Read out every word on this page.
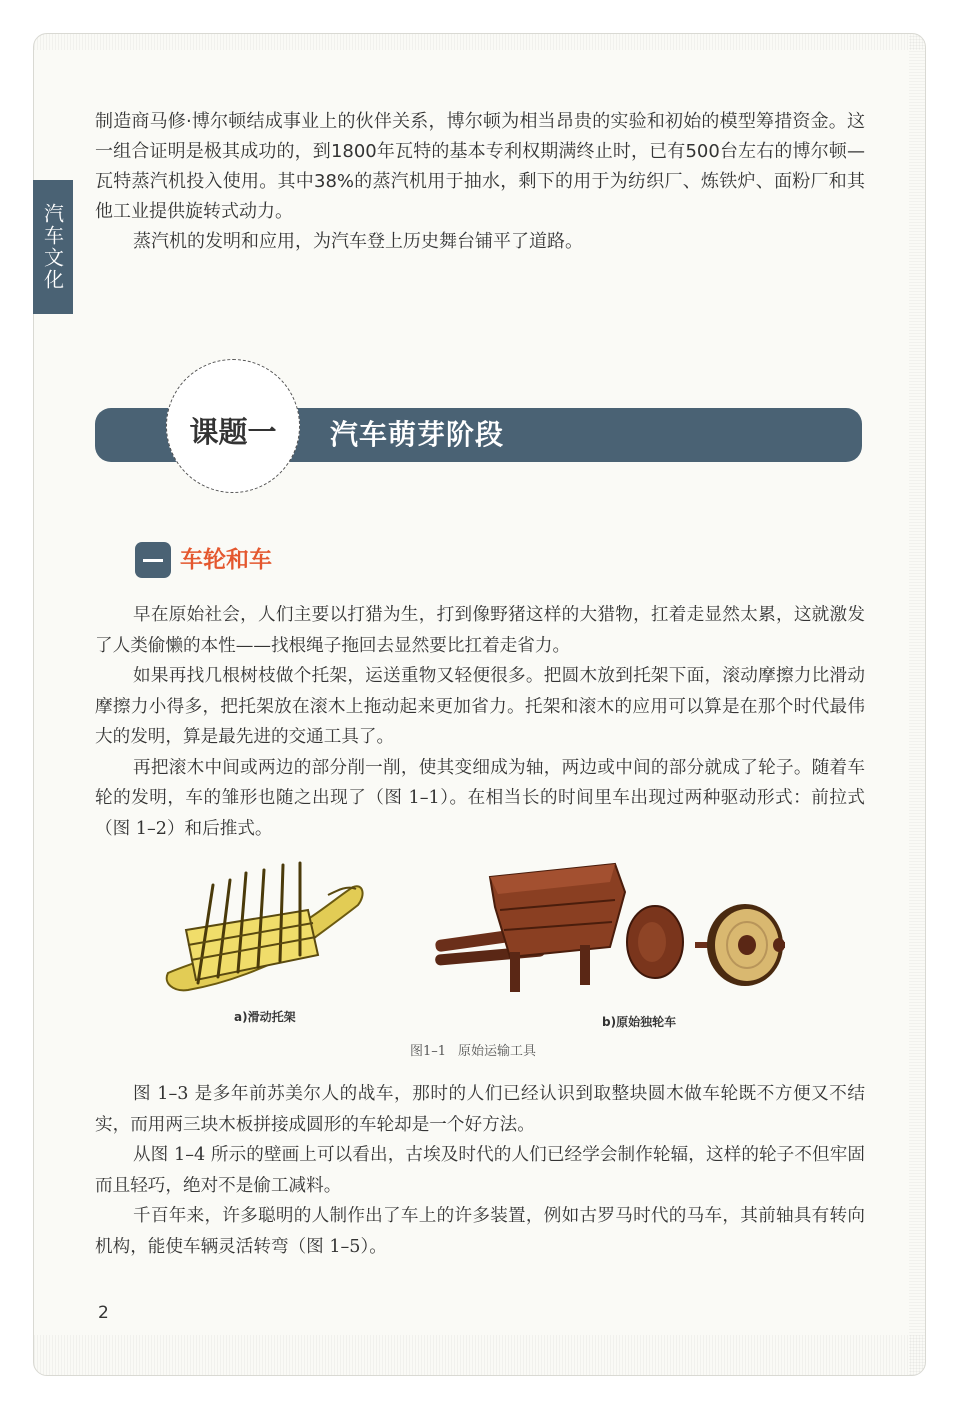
汽车文化

制造商马修·博尔顿结成事业上的伙伴关系，博尔顿为相当昂贵的实验和初始的模型筹措资金。这一组合证明是极其成功的，到1800年瓦特的基本专利权期满终止时，已有500台左右的博尔顿—瓦特蒸汽机投入使用。其中38%的蒸汽机用于抽水，剩下的用于为纺织厂、炼铁炉、面粉厂和其他工业提供旋转式动力。

蒸汽机的发明和应用，为汽车登上历史舞台铺平了道路。

汽车萌芽阶段
课题一
车轮和车

早在原始社会，人们主要以打猎为生，打到像野猪这样的大猎物，扛着走显然太累，这就激发了人类偷懒的本性——找根绳子拖回去显然要比扛着走省力。

如果再找几根树枝做个托架，运送重物又轻便很多。把圆木放到托架下面，滚动摩擦力比滑动摩擦力小得多，把托架放在滚木上拖动起来更加省力。托架和滚木的应用可以算是在那个时代最伟大的发明，算是最先进的交通工具了。

再把滚木中间或两边的部分削一削，使其变细成为轴，两边或中间的部分就成了轮子。随着车轮的发明，车的雏形也随之出现了（图 1–1）。在相当长的时间里车出现过两种驱动形式：前拉式（图 1–2）和后推式。

a)滑动托架	b)原始独轮车
图1–1 原始运输工具

图 1–3 是多年前苏美尔人的战车，那时的人们已经认识到取整块圆木做车轮既不方便又不结实，而用两三块木板拼接成圆形的车轮却是一个好方法。

从图 1–4 所示的壁画上可以看出，古埃及时代的人们已经学会制作轮辐，这样的轮子不但牢固而且轻巧，绝对不是偷工减料。

千百年来，许多聪明的人制作出了车上的许多装置，例如古罗马时代的马车，其前轴具有转向机构，能使车辆灵活转弯（图 1–5）。

2
